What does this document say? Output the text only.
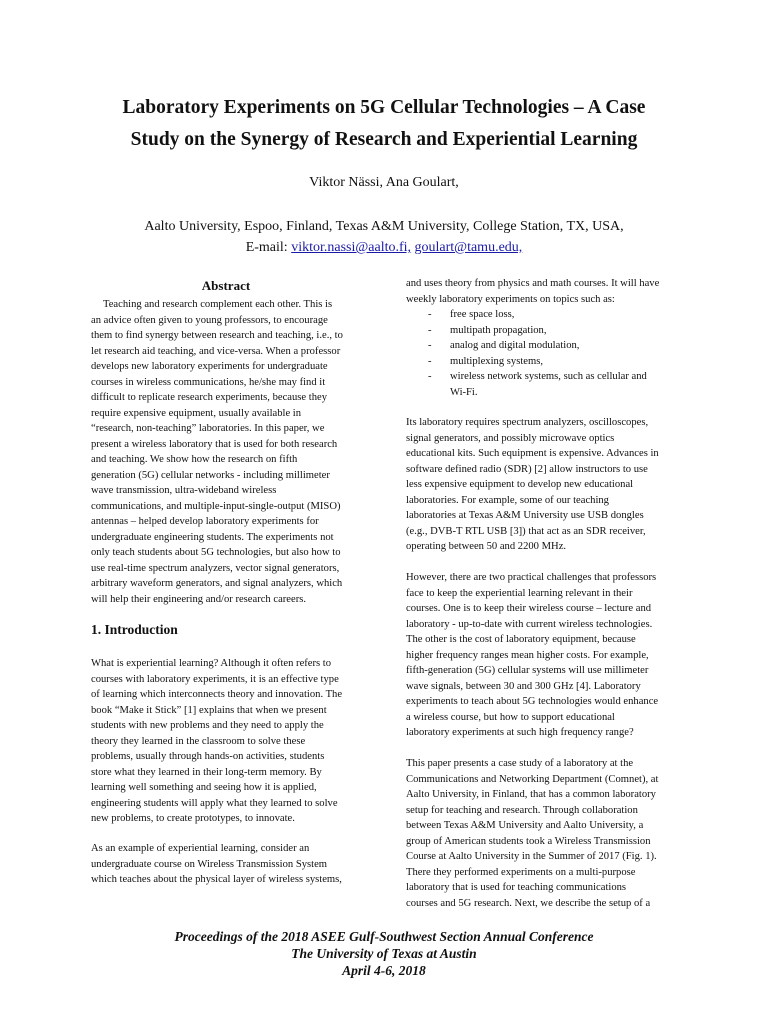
Laboratory Experiments on 5G Cellular Technologies – A Case
Study on the Synergy of Research and Experiential Learning
Viktor Nässi, Ana Goulart,
Aalto University, Espoo, Finland, Texas A&M University, College Station, TX, USA,
E-mail: viktor.nassi@aalto.fi, goulart@tamu.edu,
Abstract
Teaching and research complement each other. This is
an advice often given to young professors, to encourage
them to find synergy between research and teaching, i.e., to
let research aid teaching, and vice-versa. When a professor
develops new laboratory experiments for undergraduate
courses in wireless communications, he/she may find it
difficult to replicate research experiments, because they
require expensive equipment, usually available in
“research, non-teaching” laboratories. In this paper, we
present a wireless laboratory that is used for both research
and teaching. We show how the research on fifth
generation (5G) cellular networks - including millimeter
wave transmission, ultra-wideband wireless
communications, and multiple-input-single-output (MISO)
antennas – helped develop laboratory experiments for
undergraduate engineering students. The experiments not
only teach students about 5G technologies, but also how to
use real-time spectrum analyzers, vector signal generators,
arbitrary waveform generators, and signal analyzers, which
will help their engineering and/or research careers.
1. Introduction
What is experiential learning? Although it often refers to
courses with laboratory experiments, it is an effective type
of learning which interconnects theory and innovation. The
book “Make it Stick” [1] explains that when we present
students with new problems and they need to apply the
theory they learned in the classroom to solve these
problems, usually through hands-on activities, students
store what they learned in their long-term memory. By
learning well something and seeing how it is applied,
engineering students will apply what they learned to solve
new problems, to create prototypes, to innovate.
As an example of experiential learning, consider an
undergraduate course on Wireless Transmission System
which teaches about the physical layer of wireless systems,
and uses theory from physics and math courses. It will have
weekly laboratory experiments on topics such as:
- free space loss,
- multipath propagation,
- analog and digital modulation,
- multiplexing systems,
- wireless network systems, such as cellular and
Wi-Fi.
Its laboratory requires spectrum analyzers, oscilloscopes,
signal generators, and possibly microwave optics
educational kits. Such equipment is expensive. Advances in
software defined radio (SDR) [2] allow instructors to use
less expensive equipment to develop new educational
laboratories. For example, some of our teaching
laboratories at Texas A&M University use USB dongles
(e.g., DVB-T RTL USB [3]) that act as an SDR receiver,
operating between 50 and 2200 MHz.
However, there are two practical challenges that professors
face to keep the experiential learning relevant in their
courses. One is to keep their wireless course – lecture and
laboratory - up-to-date with current wireless technologies.
The other is the cost of laboratory equipment, because
higher frequency ranges mean higher costs. For example,
fifth-generation (5G) cellular systems will use millimeter
wave signals, between 30 and 300 GHz [4]. Laboratory
experiments to teach about 5G technologies would enhance
a wireless course, but how to support educational
laboratory experiments at such high frequency range?
This paper presents a case study of a laboratory at the
Communications and Networking Department (Comnet), at
Aalto University, in Finland, that has a common laboratory
setup for teaching and research. Through collaboration
between Texas A&M University and Aalto University, a
group of American students took a Wireless Transmission
Course at Aalto University in the Summer of 2017 (Fig. 1).
There they performed experiments on a multi-purpose
laboratory that is used for teaching communications
courses and 5G research. Next, we describe the setup of a
Proceedings of the 2018 ASEE Gulf-Southwest Section Annual Conference
The University of Texas at Austin
April 4-6, 2018
